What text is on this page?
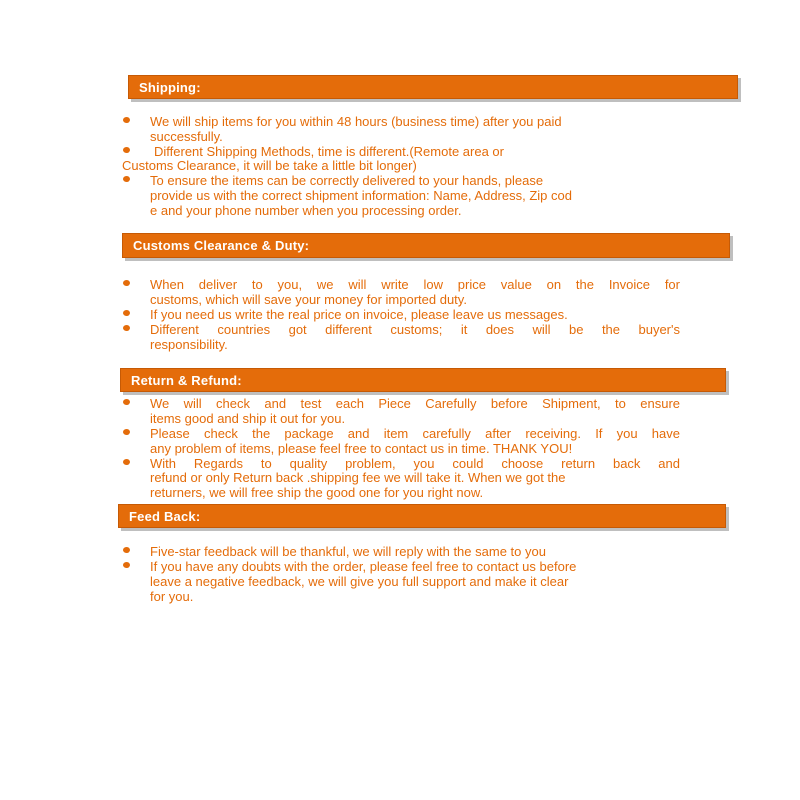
Shipping:
We will ship items for you within 48 hours (business time) after you paid
successfully.
Different Shipping Methods, time is different.(Remote area or
Customs Clearance, it will be take a little bit longer)
To ensure the items can be correctly delivered to your hands, please
provide us with the correct shipment information: Name, Address, Zip cod
e and your phone number when you processing order.
Customs Clearance & Duty:
When deliver to you, we will write low price value on the Invoice for
customs, which will save your money for imported duty.
If you need us write the real price on invoice, please leave us messages.
Different countries got different customs; it does will be the buyer's
responsibility.
Return & Refund:
We will check and test each Piece Carefully before Shipment, to ensure
items good and ship it out for you.
Please check the package and item carefully after receiving. If you have
any problem of items, please feel free to contact us in time. THANK YOU!
With Regards to quality problem, you could choose return back and
refund or only Return back .shipping fee we will take it. When we got the
returners, we will free ship the good one for you right now.
Feed Back:
Five-star feedback will be thankful, we will reply with the same to you
If you have any doubts with the order, please feel free to contact us before
leave a negative feedback, we will give you full support and make it clear
for you.
